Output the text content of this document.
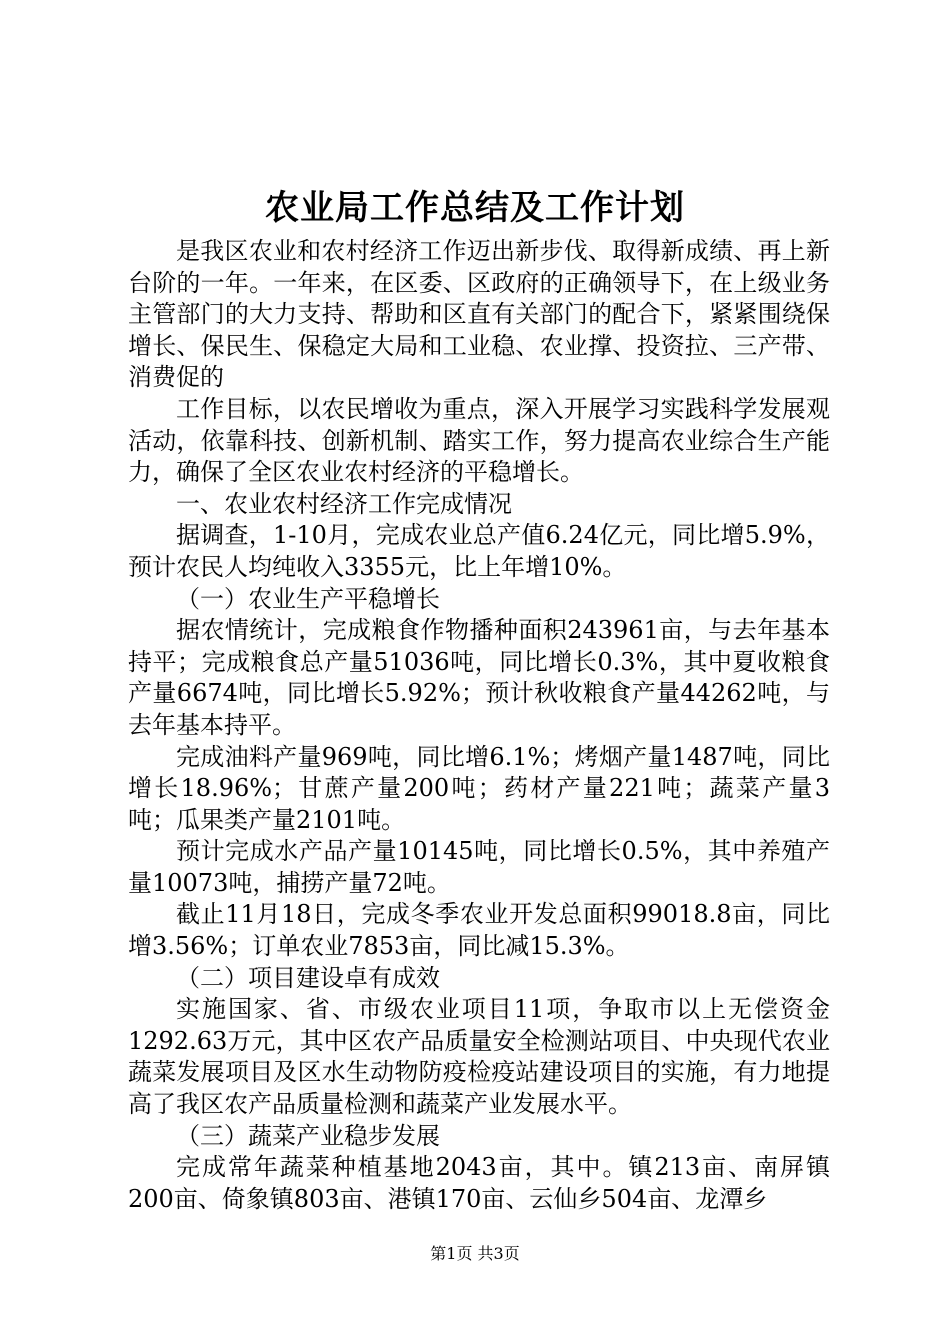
农业局工作总结及工作计划

是我区农业和农村经济工作迈出新步伐、取得新成绩、再上新台阶的一年。一年来，在区委、区政府的正确领导下，在上级业务主管部门的大力支持、帮助和区直有关部门的配合下，紧紧围绕保增长、保民生、保稳定大局和工业稳、农业撑、投资拉、三产带、消费促的

工作目标，以农民增收为重点，深入开展学习实践科学发展观活动，依靠科技、创新机制、踏实工作，努力提高农业综合生产能力，确保了全区农业农村经济的平稳增长。

一、农业农村经济工作完成情况

据调查，1-10月，完成农业总产值6.24亿元，同比增5.9%，预计农民人均纯收入3355元，比上年增10%。

（一）农业生产平稳增长

据农情统计，完成粮食作物播种面积243961亩，与去年基本持平；完成粮食总产量51036吨，同比增长0.3%，其中夏收粮食产量6674吨，同比增长5.92%；预计秋收粮食产量44262吨，与去年基本持平。

完成油料产量969吨，同比增6.1%；烤烟产量1487吨，同比增长18.96%；甘蔗产量200吨；药材产量221吨；蔬菜产量3吨；瓜果类产量2101吨。

预计完成水产品产量10145吨，同比增长0.5%，其中养殖产量10073吨，捕捞产量72吨。

截止11月18日，完成冬季农业开发总面积99018.8亩，同比增3.56%；订单农业7853亩，同比减15.3%。

（二）项目建设卓有成效

实施国家、省、市级农业项目11项，争取市以上无偿资金1292.63万元，其中区农产品质量安全检测站项目、中央现代农业蔬菜发展项目及区水生动物防疫检疫站建设项目的实施，有力地提高了我区农产品质量检测和蔬菜产业发展水平。

（三）蔬菜产业稳步发展

完成常年蔬菜种植基地2043亩，其中。镇213亩、南屏镇200亩、倚象镇803亩、港镇170亩、云仙乡504亩、龙潭乡

第1页 共3页
